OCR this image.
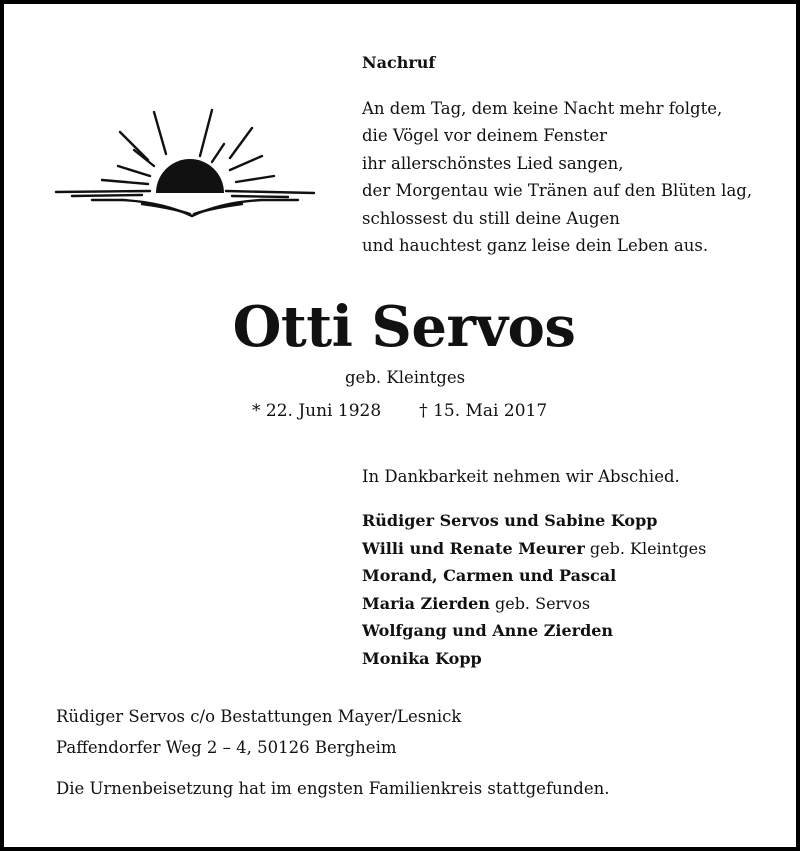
Nachruf
An dem Tag, dem keine Nacht mehr folgte,
die Vögel vor deinem Fenster
ihr allerschönstes Lied sangen,
der Morgentau wie Tränen auf den Blüten lag,
schlossest du still deine Augen
und hauchtest ganz leise dein Leben aus.
Otti Servos
geb. Kleintges
* 22. Juni 1928 † 15. Mai 2017
In Dankbarkeit nehmen wir Abschied.
Rüdiger Servos und Sabine Kopp
Willi und Renate Meurer geb. Kleintges
Morand, Carmen und Pascal
Maria Zierden geb. Servos
Wolfgang und Anne Zierden
Monika Kopp
Rüdiger Servos c/o Bestattungen Mayer/Lesnick
Paffendorfer Weg 2 – 4, 50126 Bergheim
Die Urnenbeisetzung hat im engsten Familienkreis stattgefunden.
